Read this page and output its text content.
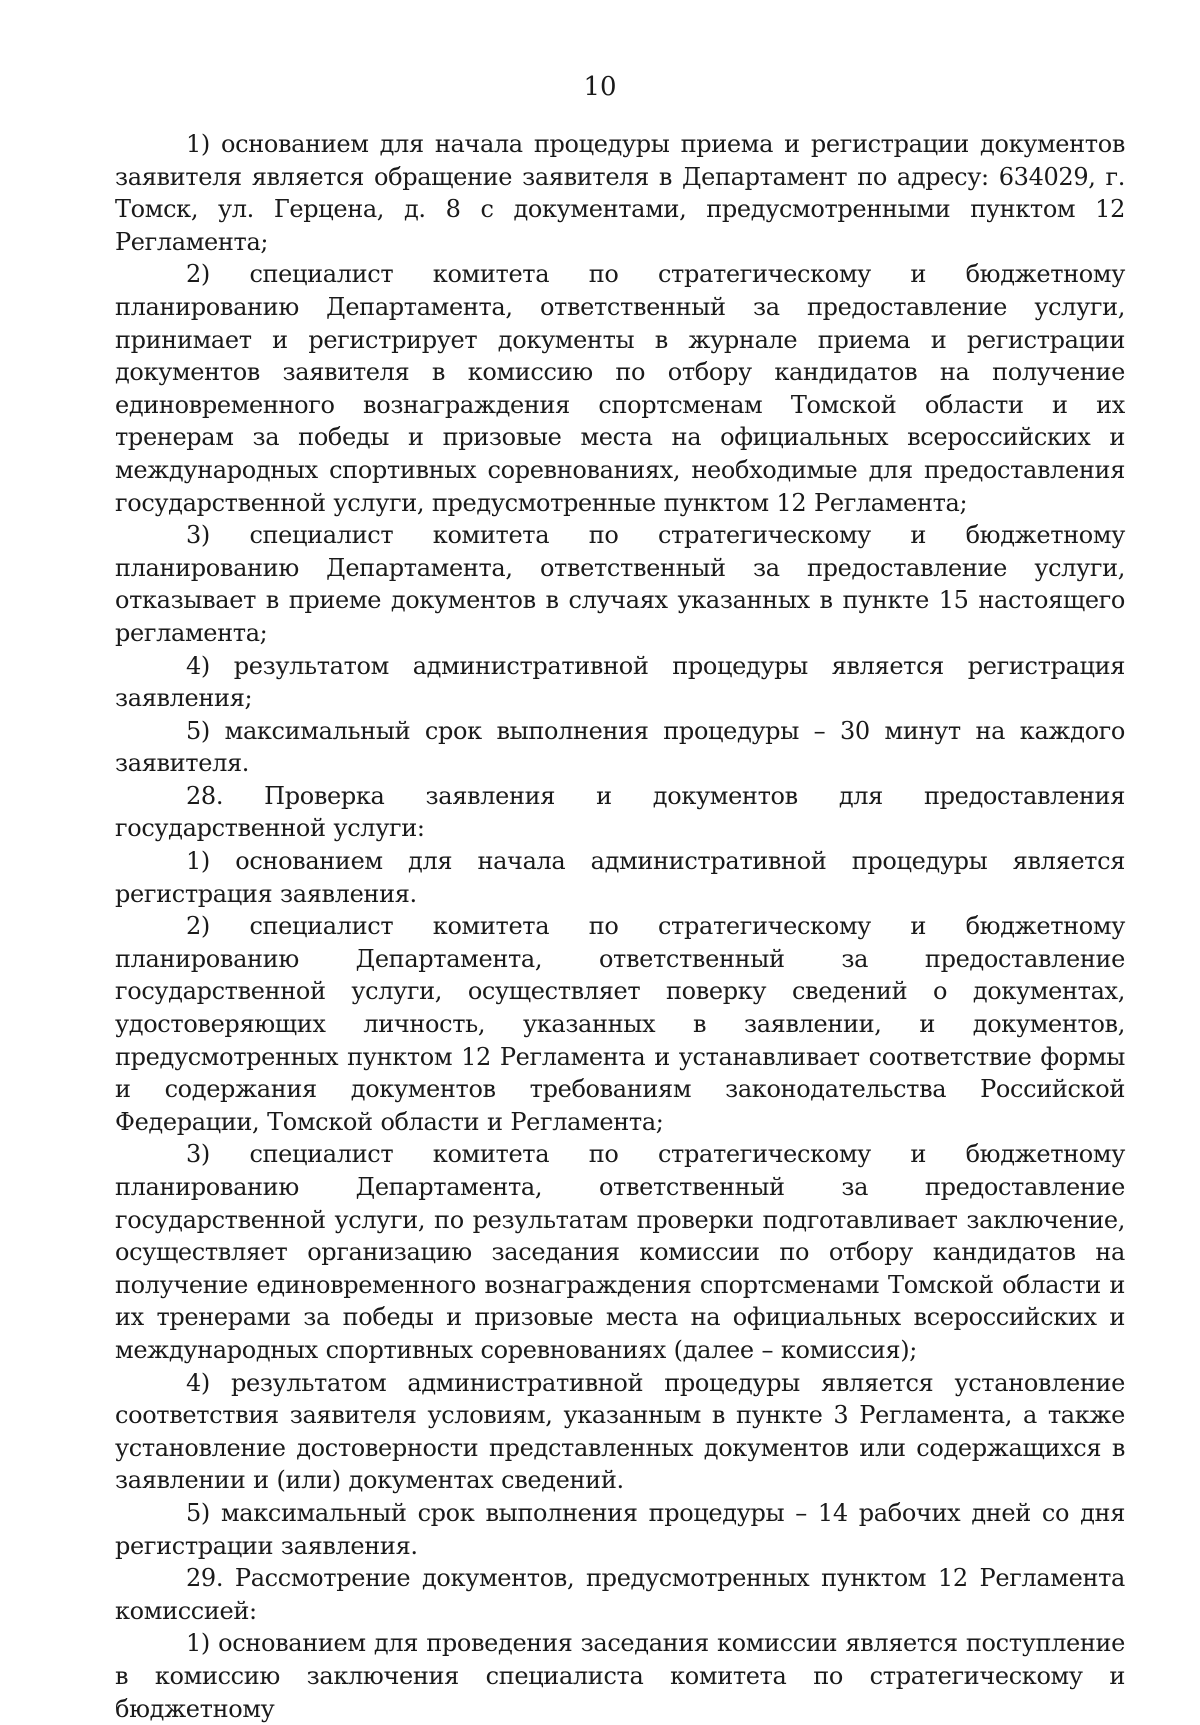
10

1) основанием для начала процедуры приема и регистрации документов заявителя является обращение заявителя в Департамент по адресу: 634029, г. Томск, ул. Герцена, д. 8 с документами, предусмотренными пунктом 12 Регламента;

2) специалист комитета по стратегическому и бюджетному планированию Департамента, ответственный за предоставление услуги, принимает и регистрирует документы в журнале приема и регистрации документов заявителя в комиссию по отбору кандидатов на получение единовременного вознаграждения спортсменам Томской области и их тренерам за победы и призовые места на официальных всероссийских и международных спортивных соревнованиях, необходимые для предоставления государственной услуги, предусмотренные пунктом 12 Регламента;

3) специалист комитета по стратегическому и бюджетному планированию Департамента, ответственный за предоставление услуги, отказывает в приеме документов в случаях указанных в пункте 15 настоящего регламента;

4) результатом административной процедуры является регистрация заявления;

5) максимальный срок выполнения процедуры – 30 минут на каждого заявителя.

28. Проверка заявления и документов для предоставления государственной услуги:

1) основанием для начала административной процедуры является регистрация заявления.

2) специалист комитета по стратегическому и бюджетному планированию Департамента, ответственный за предоставление государственной услуги, осуществляет поверку сведений о документах, удостоверяющих личность, указанных в заявлении, и документов, предусмотренных пунктом 12 Регламента и устанавливает соответствие формы и содержания документов требованиям законодательства Российской Федерации, Томской области и Регламента;

3) специалист комитета по стратегическому и бюджетному планированию Департамента, ответственный за предоставление государственной услуги, по результатам проверки подготавливает заключение, осуществляет организацию заседания комиссии по отбору кандидатов на получение единовременного вознаграждения спортсменами Томской области и их тренерами за победы и призовые места на официальных всероссийских и международных спортивных соревнованиях (далее – комиссия);

4) результатом административной процедуры является установление соответствия заявителя условиям, указанным в пункте 3 Регламента, а также установление достоверности представленных документов или содержащихся в заявлении и (или) документах сведений.

5) максимальный срок выполнения процедуры – 14 рабочих дней со дня регистрации заявления.

29. Рассмотрение документов, предусмотренных пунктом 12 Регламента комиссией:

1) основанием для проведения заседания комиссии является поступление в комиссию заключения специалиста комитета по стратегическому и бюджетному
